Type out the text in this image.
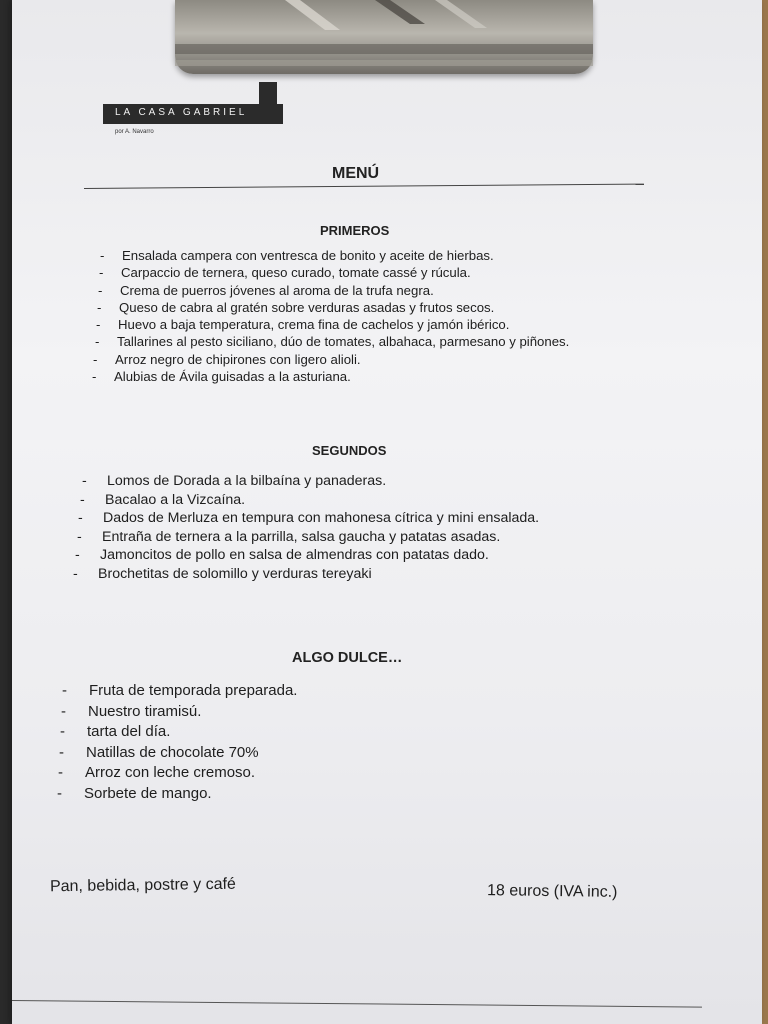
LA CASA GABRIEL
por A. Navarro
MENÚ
PRIMEROS
- Ensalada campera con ventresca de bonito y aceite de hierbas.
- Carpaccio de ternera, queso curado, tomate cassé y rúcula.
- Crema de puerros jóvenes al aroma de la trufa negra.
- Queso de cabra al gratén sobre verduras asadas y frutos secos.
- Huevo a baja temperatura, crema fina de cachelos y jamón ibérico.
- Tallarines al pesto siciliano, dúo de tomates, albahaca, parmesano y piñones.
- Arroz negro de chipirones con ligero alioli.
- Alubias de Ávila guisadas a la asturiana.
SEGUNDOS
- Lomos de Dorada a la bilbaína y panaderas.
- Bacalao a la Vizcaína.
- Dados de Merluza en tempura con mahonesa cítrica y mini ensalada.
- Entraña de ternera a la parrilla, salsa gaucha y patatas asadas.
- Jamoncitos de pollo en salsa de almendras con patatas dado.
- Brochetitas de solomillo y verduras tereyaki
ALGO DULCE…
- Fruta de temporada preparada.
- Nuestro tiramisú.
- tarta del día.
- Natillas de chocolate 70%
- Arroz con leche cremoso.
- Sorbete de mango.
Pan, bebida, postre y café	18 euros (IVA inc.)
